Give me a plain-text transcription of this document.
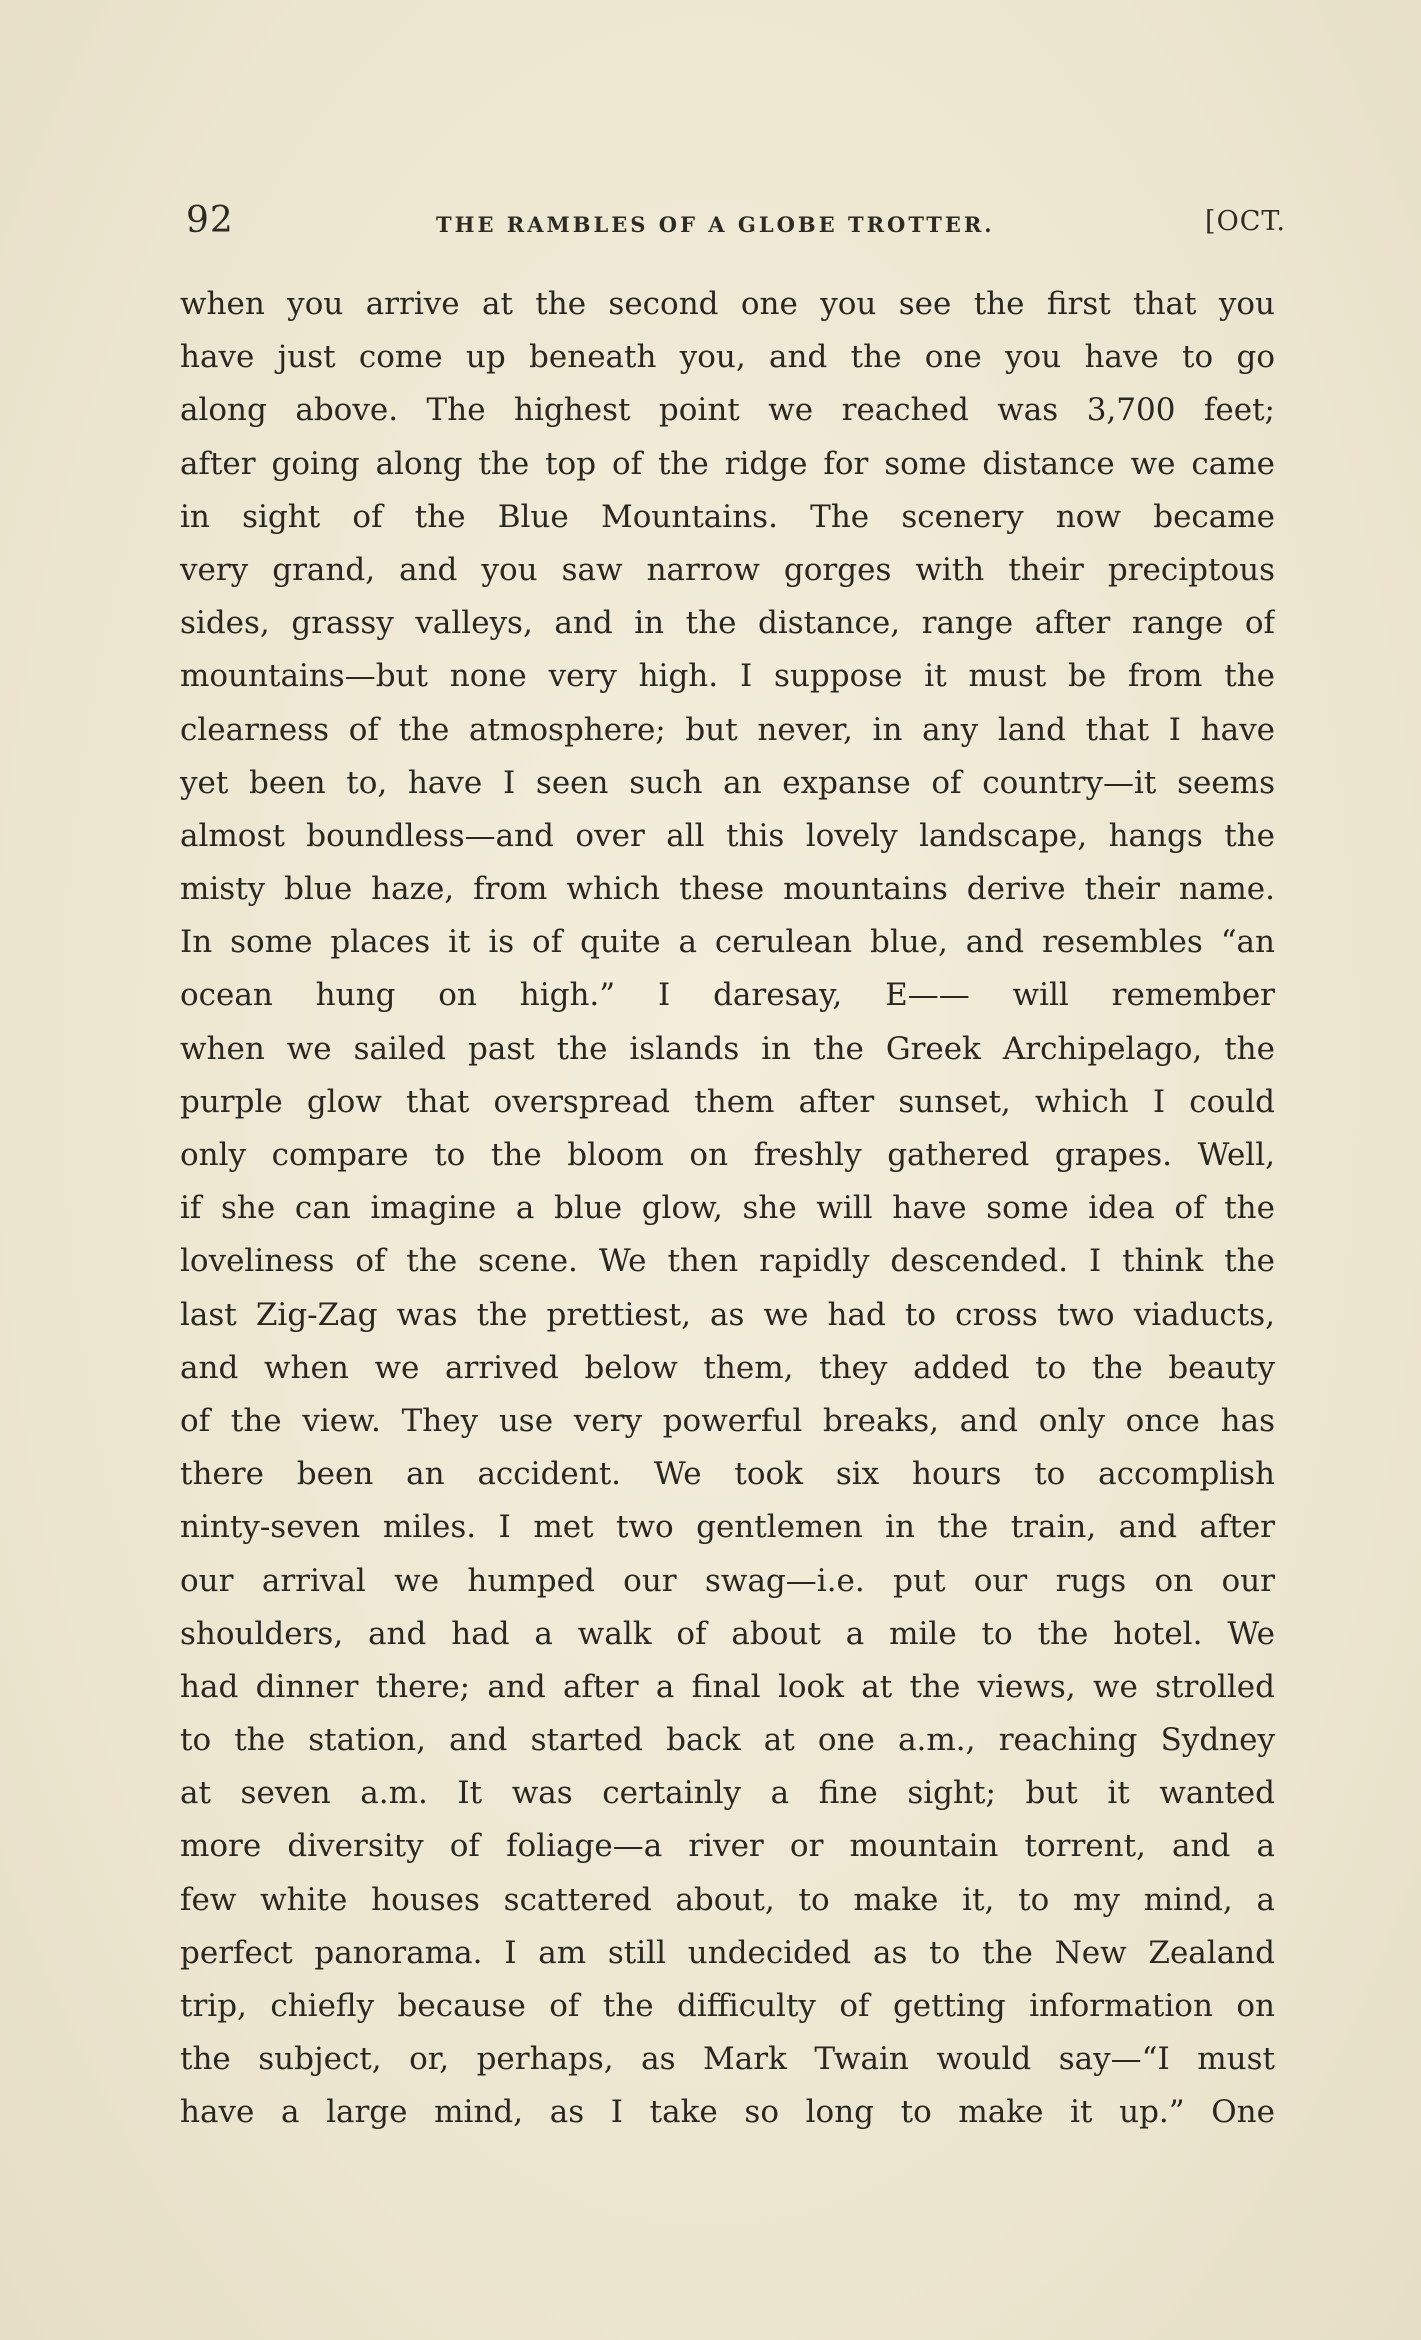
92	THE RAMBLES OF A GLOBE TROTTER.	[OCT.
when you arrive at the second one you see the first that you
have just come up beneath you, and the one you have to go
along above. The highest point we reached was 3,700 feet;
after going along the top of the ridge for some distance we came
in sight of the Blue Mountains. The scenery now became
very grand, and you saw narrow gorges with their preciptous
sides, grassy valleys, and in the distance, range after range of
mountains—but none very high. I suppose it must be from the
clearness of the atmosphere; but never, in any land that I have
yet been to, have I seen such an expanse of country—it seems
almost boundless—and over all this lovely landscape, hangs the
misty blue haze, from which these mountains derive their name.
In some places it is of quite a cerulean blue, and resembles “an
ocean hung on high.” I daresay, E—— will remember
when we sailed past the islands in the Greek Archipelago, the
purple glow that overspread them after sunset, which I could
only compare to the bloom on freshly gathered grapes. Well,
if she can imagine a blue glow, she will have some idea of the
loveliness of the scene. We then rapidly descended. I think the
last Zig-Zag was the prettiest, as we had to cross two viaducts,
and when we arrived below them, they added to the beauty
of the view. They use very powerful breaks, and only once has
there been an accident. We took six hours to accomplish
ninty-seven miles. I met two gentlemen in the train, and after
our arrival we humped our swag—i.e. put our rugs on our
shoulders, and had a walk of about a mile to the hotel. We
had dinner there; and after a final look at the views, we strolled
to the station, and started back at one a.m., reaching Sydney
at seven a.m. It was certainly a fine sight; but it wanted
more diversity of foliage—a river or mountain torrent, and a
few white houses scattered about, to make it, to my mind, a
perfect panorama. I am still undecided as to the New Zealand
trip, chiefly because of the difficulty of getting information on
the subject, or, perhaps, as Mark Twain would say—“I must
have a large mind, as I take so long to make it up.” One
